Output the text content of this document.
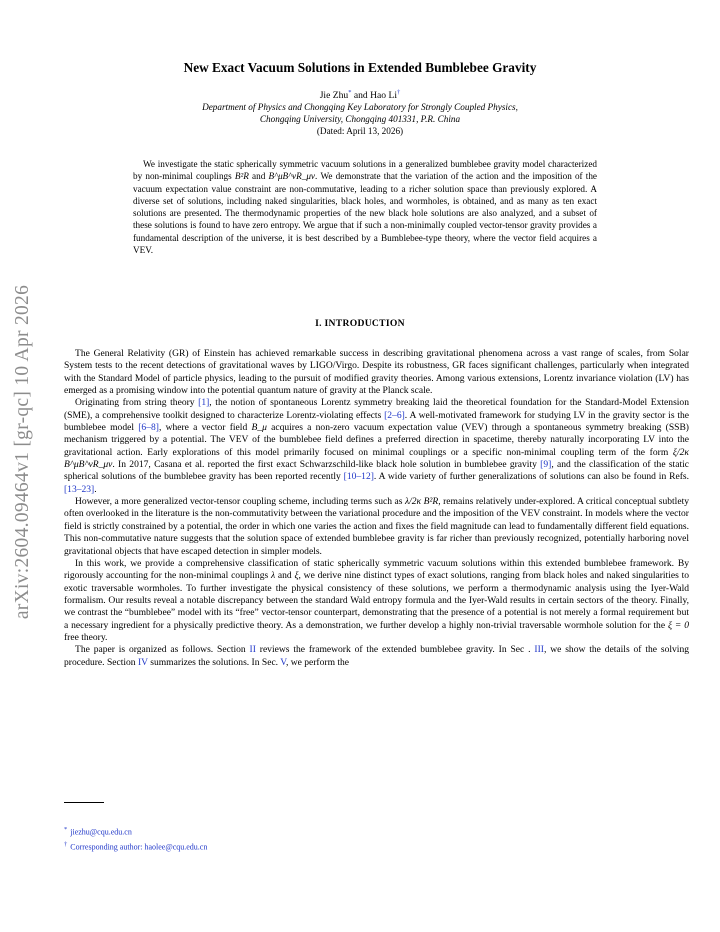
arXiv:2604.09464v1 [gr-qc] 10 Apr 2026
New Exact Vacuum Solutions in Extended Bumblebee Gravity
Jie Zhu* and Hao Li†
Department of Physics and Chongqing Key Laboratory for Strongly Coupled Physics,
Chongqing University, Chongqing 401331, P.R. China
(Dated: April 13, 2026)
We investigate the static spherically symmetric vacuum solutions in a generalized bumblebee gravity model characterized by non-minimal couplings B²R and B^μB^νR_μν. We demonstrate that the variation of the action and the imposition of the vacuum expectation value constraint are non-commutative, leading to a richer solution space than previously explored. A diverse set of solutions, including naked singularities, black holes, and wormholes, is obtained, and as many as ten exact solutions are presented. The thermodynamic properties of the new black hole solutions are also analyzed, and a subset of these solutions is found to have zero entropy. We argue that if such a non-minimally coupled vector-tensor gravity provides a fundamental description of the universe, it is best described by a Bumblebee-type theory, where the vector field acquires a VEV.
I. INTRODUCTION

The General Relativity (GR) of Einstein has achieved remarkable success in describing gravitational phenomena across a vast range of scales, from Solar System tests to the recent detections of gravitational waves by LIGO/Virgo. Despite its robustness, GR faces significant challenges, particularly when integrated with the Standard Model of particle physics, leading to the pursuit of modified gravity theories. Among various extensions, Lorentz invariance violation (LV) has emerged as a promising window into the potential quantum nature of gravity at the Planck scale.

Originating from string theory [1], the notion of spontaneous Lorentz symmetry breaking laid the theoretical foundation for the Standard-Model Extension (SME), a comprehensive toolkit designed to characterize Lorentz-violating effects [2–6]. A well-motivated framework for studying LV in the gravity sector is the bumblebee model [6–8], where a vector field B_μ acquires a non-zero vacuum expectation value (VEV) through a spontaneous symmetry breaking (SSB) mechanism triggered by a potential. The VEV of the bumblebee field defines a preferred direction in spacetime, thereby naturally incorporating LV into the gravitational action. Early explorations of this model primarily focused on minimal couplings or a specific non-minimal coupling term of the form ξ/2κ B^μB^νR_μν. In 2017, Casana et al. reported the first exact Schwarzschild-like black hole solution in bumblebee gravity [9], and the classification of the static spherical solutions of the bumblebee gravity has been reported recently [10–12]. A wide variety of further generalizations of solutions can also be found in Refs. [13–23].

However, a more generalized vector-tensor coupling scheme, including terms such as λ/2κ B²R, remains relatively under-explored. A critical conceptual subtlety often overlooked in the literature is the non-commutativity between the variational procedure and the imposition of the VEV constraint. In models where the vector field is strictly constrained by a potential, the order in which one varies the action and fixes the field magnitude can lead to fundamentally different field equations. This non-commutative nature suggests that the solution space of extended bumblebee gravity is far richer than previously recognized, potentially harboring novel gravitational objects that have escaped detection in simpler models.

In this work, we provide a comprehensive classification of static spherically symmetric vacuum solutions within this extended bumblebee framework. By rigorously accounting for the non-minimal couplings λ and ξ, we derive nine distinct types of exact solutions, ranging from black holes and naked singularities to exotic traversable wormholes. To further investigate the physical consistency of these solutions, we perform a thermodynamic analysis using the Iyer-Wald formalism. Our results reveal a notable discrepancy between the standard Wald entropy formula and the Iyer-Wald results in certain sectors of the theory. Finally, we contrast the “bumblebee” model with its “free” vector-tensor counterpart, demonstrating that the presence of a potential is not merely a formal requirement but a necessary ingredient for a physically predictive theory. As a demonstration, we further develop a highly non-trivial traversable wormhole solution for the ξ = 0 free theory.

The paper is organized as follows. Section II reviews the framework of the extended bumblebee gravity. In Sec . III, we show the details of the solving procedure. Section IV summarizes the solutions. In Sec. V, we perform the

* jiezhu@cqu.edu.cn
† Corresponding author: haolee@cqu.edu.cn
